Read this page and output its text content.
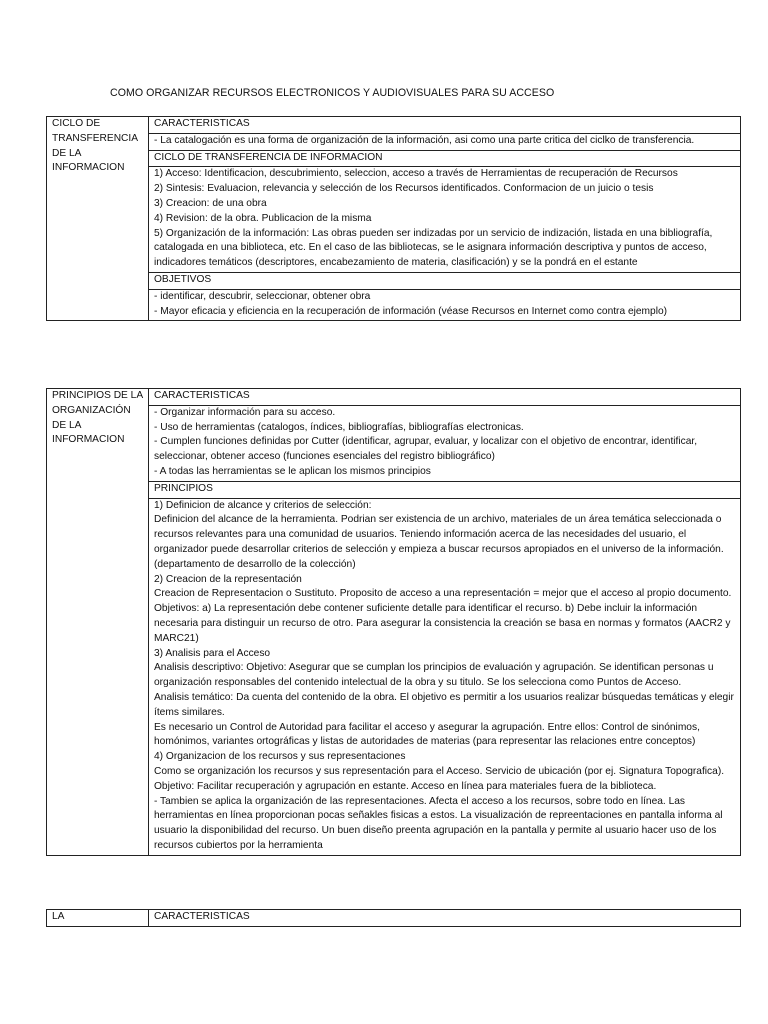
COMO ORGANIZAR RECURSOS ELECTRONICOS Y AUDIOVISUALES PARA SU ACCESO
CICLO DE TRANSFERENCIA DE LA INFORMACION	CARACTERISTICAS
- La catalogación es una forma de organización de la información, asi como una parte critica del ciclko de transferencia.
CICLO DE TRANSFERENCIA DE INFORMACION

1) Acceso: Identificacion, descubrimiento, seleccion, acceso a través de Herramientas de recuperación de Recursos
2) Sintesis: Evaluacion, relevancia y selección de los Recursos identificados. Conformacion de un juicio o tesis
3) Creacion: de una obra
4) Revision: de la obra. Publicacion de la misma
5) Organización de la información: Las obras pueden ser indizadas por un servicio de indización, listada en una bibliografía, catalogada en una biblioteca, etc. En el caso de las bibliotecas, se le asignara información descriptiva y puntos de acceso, indicadores temáticos (descriptores, encabezamiento de materia, clasificación) y se la pondrá en el estante

OBJETIVOS

- identificar, descubrir, seleccionar, obtener obra
- Mayor eficacia y eficiencia en la recuperación de información (véase Recursos en Internet como contra ejemplo)
PRINCIPIOS DE LA ORGANIZACIÓN DE LA INFORMACION	CARACTERISTICAS

- Organizar información para su acceso.
- Uso de herramientas (catalogos, índices, bibliografías, bibliografías electronicas.
- Cumplen funciones definidas por Cutter (identificar, agrupar, evaluar, y localizar con el objetivo de encontrar, identificar, seleccionar, obtener acceso (funciones esenciales del registro bibliográfico)
- A todas las herramientas se le aplican los mismos principios

PRINCIPIOS

1) Definicion de alcance y criterios de selección:
Definicion del alcance de la herramienta. Podrian ser existencia de un archivo, materiales de un área temática seleccionada o recursos relevantes para una comunidad de usuarios. Teniendo información acerca de las necesidades del usuario, el organizador puede desarrollar criterios de selección y empieza a buscar recursos apropiados en el universo de la información.(departamento de desarrollo de la colección)
2) Creacion de la representación
Creacion de Representacion o Sustituto. Proposito de acceso a una representación = mejor que el acceso al propio documento. Objetivos: a) La representación debe contener suficiente detalle para identificar el recurso. b) Debe incluir la información necesaria para distinguir un recurso de otro. Para asegurar la consistencia la creación se basa en normas y formatos (AACR2 y MARC21)
3) Analisis para el Acceso
Analisis descriptivo: Objetivo: Asegurar que se cumplan los principios de evaluación y agrupación. Se identifican personas u organización responsables del contenido intelectual de la obra y su titulo. Se los selecciona como Puntos de Acceso.
Analisis temático: Da cuenta del contenido de la obra. El objetivo es permitir a los usuarios realizar búsquedas temáticas y elegir ítems similares.
Es necesario un Control de Autoridad para facilitar el acceso y asegurar la agrupación. Entre ellos: Control de sinónimos, homónimos, variantes ortográficas y listas de autoridades de materias (para representar las relaciones entre conceptos)
4) Organizacion de los recursos y sus representaciones
Como se organización los recursos y sus representación para el Acceso. Servicio de ubicación (por ej. Signatura Topografica). Objetivo: Facilitar recuperación y agrupación en estante. Acceso en línea para materiales fuera de la biblioteca.
- Tambien se aplica la organización de las representaciones. Afecta el acceso a los recursos, sobre todo en línea. Las herramientas en línea proporcionan pocas señakles fisicas a estos. La visualización de repreentaciones en pantalla informa al usuario la disponibilidad del recurso. Un buen diseño preenta agrupación en la pantalla y permite al usuario hacer uso de los recursos cubiertos por la herramienta
LA	CARACTERISTICAS
